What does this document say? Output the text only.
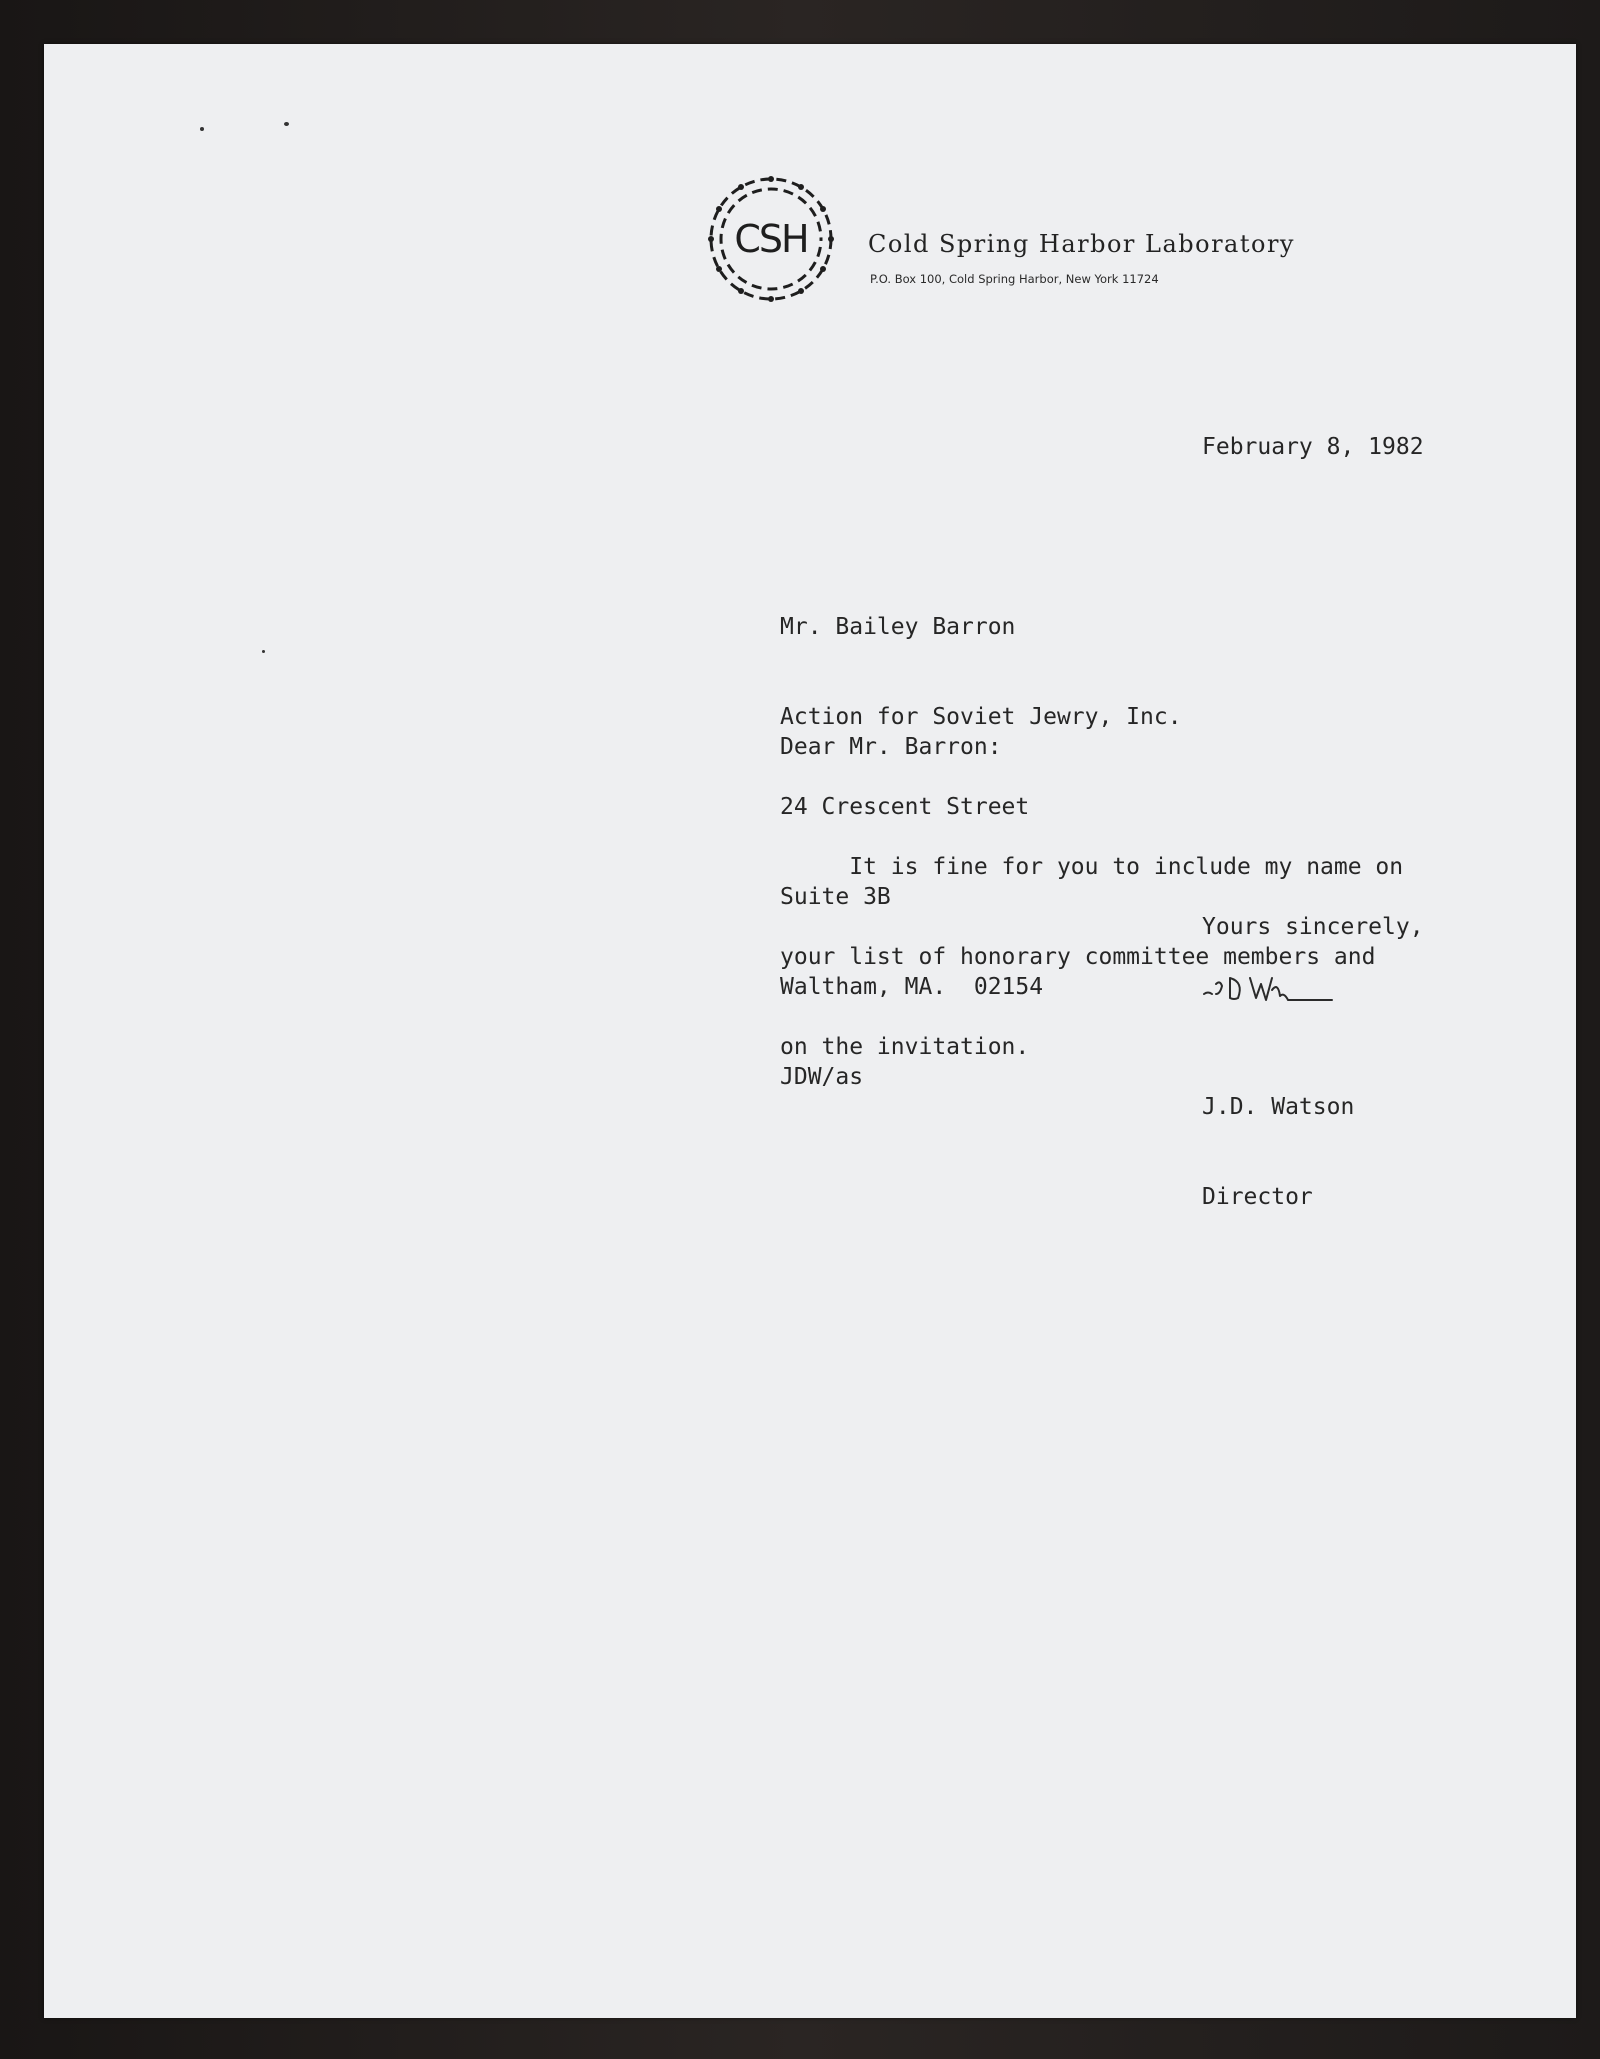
CSH	Cold Spring Harbor Laboratory
P.O. Box 100, Cold Spring Harbor, New York 11724
February 8, 1982

Mr. Bailey Barron

Action for Soviet Jewry, Inc.

24 Crescent Street

Suite 3B

Waltham, MA.  02154

Dear Mr. Barron:

It is fine for you to include my name on

your list of honorary committee members and

on the invitation.

Yours sincerely,

J.D. Watson

Director

JDW/as
